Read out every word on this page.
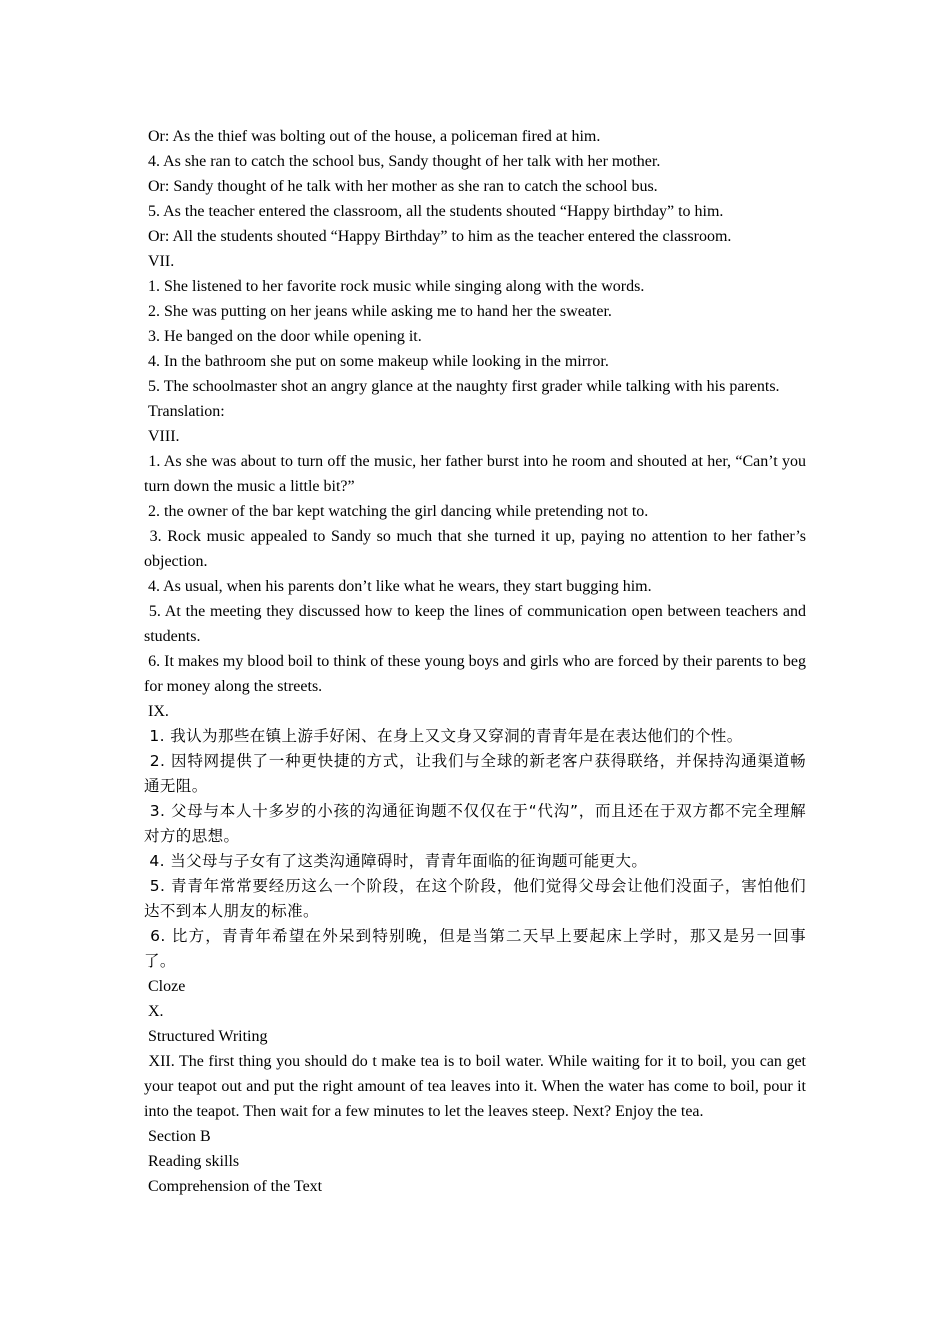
Or: As the thief was bolting out of the house, a policeman fired at him.

4. As she ran to catch the school bus, Sandy thought of her talk with her mother.

Or: Sandy thought of he talk with her mother as she ran to catch the school bus.

5. As the teacher entered the classroom, all the students shouted “Happy birthday” to him.

Or: All the students shouted “Happy Birthday” to him as the teacher entered the classroom.

VII.

1. She listened to her favorite rock music while singing along with the words.

2. She was putting on her jeans while asking me to hand her the sweater.

3. He banged on the door while opening it.

4. In the bathroom she put on some makeup while looking in the mirror.

5. The schoolmaster shot an angry glance at the naughty first grader while talking with his parents.

Translation:

VIII.

1. As she was about to turn off the music, her father burst into he room and shouted at her, “Can’t you turn down the music a little bit?”

2. the owner of the bar kept watching the girl dancing while pretending not to.

3. Rock music appealed to Sandy so much that she turned it up, paying no attention to her father’s objection.

4. As usual, when his parents don’t like what he wears, they start bugging him.

5. At the meeting they discussed how to keep the lines of communication open between teachers and students.

6. It makes my blood boil to think of these young boys and girls who are forced by their parents to beg for money along the streets.

IX.

1. 我认为那些在镇上游手好闲、在身上又文身又穿洞的青青年是在表达他们的个性。

2. 因特网提供了一种更快捷的方式，让我们与全球的新老客户获得联络，并保持沟通渠道畅通无阻。

3. 父母与本人十多岁的小孩的沟通征询题不仅仅在于“代沟”，而且还在于双方都不完全理解对方的思想。

4. 当父母与子女有了这类沟通障碍时，青青年面临的征询题可能更大。

5. 青青年常常要经历这么一个阶段，在这个阶段，他们觉得父母会让他们没面子，害怕他们达不到本人朋友的标准。

6. 比方，青青年希望在外呆到特别晚，但是当第二天早上要起床上学时，那又是另一回事了。

Cloze

X.

Structured Writing

XII. The first thing you should do t make tea is to boil water. While waiting for it to boil, you can get your teapot out and put the right amount of tea leaves into it. When the water has come to boil, pour it into the teapot. Then wait for a few minutes to let the leaves steep. Next? Enjoy the tea.

Section B

Reading skills

Comprehension of the Text
